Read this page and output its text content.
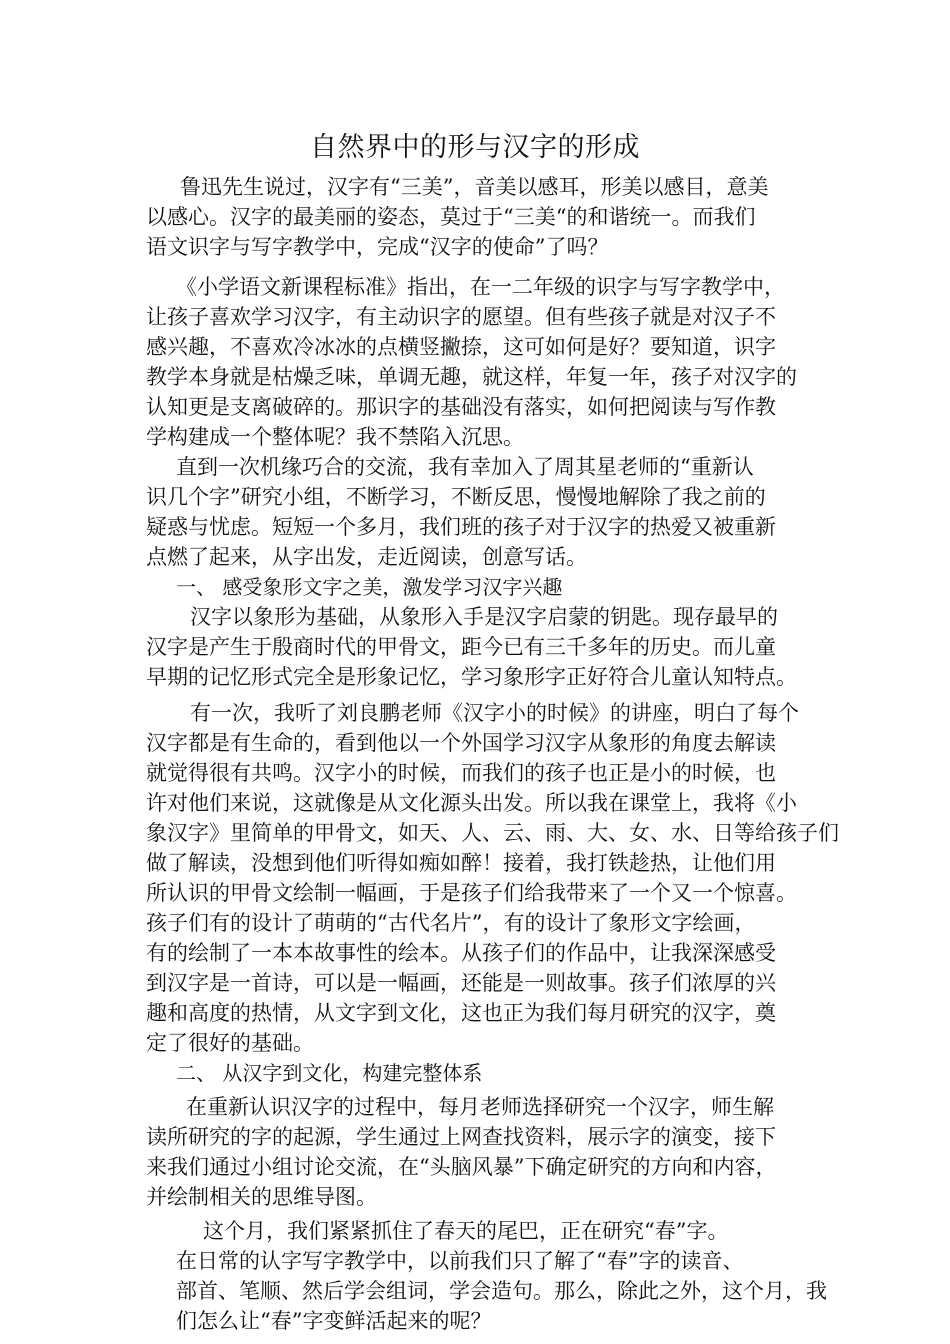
自然界中的形与汉字的形成
鲁迅先生说过，汉字有“三美”，音美以感耳，形美以感目，意美
以感心。汉字的最美丽的姿态，莫过于“三美“的和谐统一。而我们
语文识字与写字教学中，完成“汉字的使命”了吗？
《小学语文新课程标准》指出，在一二年级的识字与写字教学中，
让孩子喜欢学习汉字，有主动识字的愿望。但有些孩子就是对汉子不
感兴趣，不喜欢冷冰冰的点横竖撇捺，这可如何是好？要知道，识字
教学本身就是枯燥乏味，单调无趣，就这样，年复一年，孩子对汉字的
认知更是支离破碎的。那识字的基础没有落实，如何把阅读与写作教
学构建成一个整体呢？我不禁陷入沉思。
直到一次机缘巧合的交流，我有幸加入了周其星老师的“重新认
识几个字”研究小组，不断学习，不断反思，慢慢地解除了我之前的
疑惑与忧虑。短短一个多月，我们班的孩子对于汉字的热爱又被重新
点燃了起来，从字出发，走近阅读，创意写话。
一、 感受象形文字之美，激发学习汉字兴趣
汉字以象形为基础，从象形入手是汉字启蒙的钥匙。现存最早的
汉字是产生于殷商时代的甲骨文，距今已有三千多年的历史。而儿童
早期的记忆形式完全是形象记忆，学习象形字正好符合儿童认知特点。
有一次，我听了刘良鹏老师《汉字小的时候》的讲座，明白了每个
汉字都是有生命的，看到他以一个外国学习汉字从象形的角度去解读
就觉得很有共鸣。汉字小的时候，而我们的孩子也正是小的时候，也
许对他们来说，这就像是从文化源头出发。所以我在课堂上，我将《小
象汉字》里简单的甲骨文，如天、人、云、雨、大、女、水、日等给孩子们
做了解读，没想到他们听得如痴如醉！接着，我打铁趁热，让他们用
所认识的甲骨文绘制一幅画，于是孩子们给我带来了一个又一个惊喜。
孩子们有的设计了萌萌的“古代名片”，有的设计了象形文字绘画，
有的绘制了一本本故事性的绘本。从孩子们的作品中，让我深深感受
到汉字是一首诗，可以是一幅画，还能是一则故事。孩子们浓厚的兴
趣和高度的热情，从文字到文化，这也正为我们每月研究的汉字，奠
定了很好的基础。
二、 从汉字到文化，构建完整体系
在重新认识汉字的过程中，每月老师选择研究一个汉字，师生解
读所研究的字的起源，学生通过上网查找资料，展示字的演变，接下
来我们通过小组讨论交流，在“头脑风暴”下确定研究的方向和内容，
并绘制相关的思维导图。
这个月，我们紧紧抓住了春天的尾巴，正在研究“春”字。
在日常的认字写字教学中，以前我们只了解了“春”字的读音、
部首、笔顺、然后学会组词，学会造句。那么，除此之外，这个月，我
们怎么让“春”字变鲜活起来的呢？
